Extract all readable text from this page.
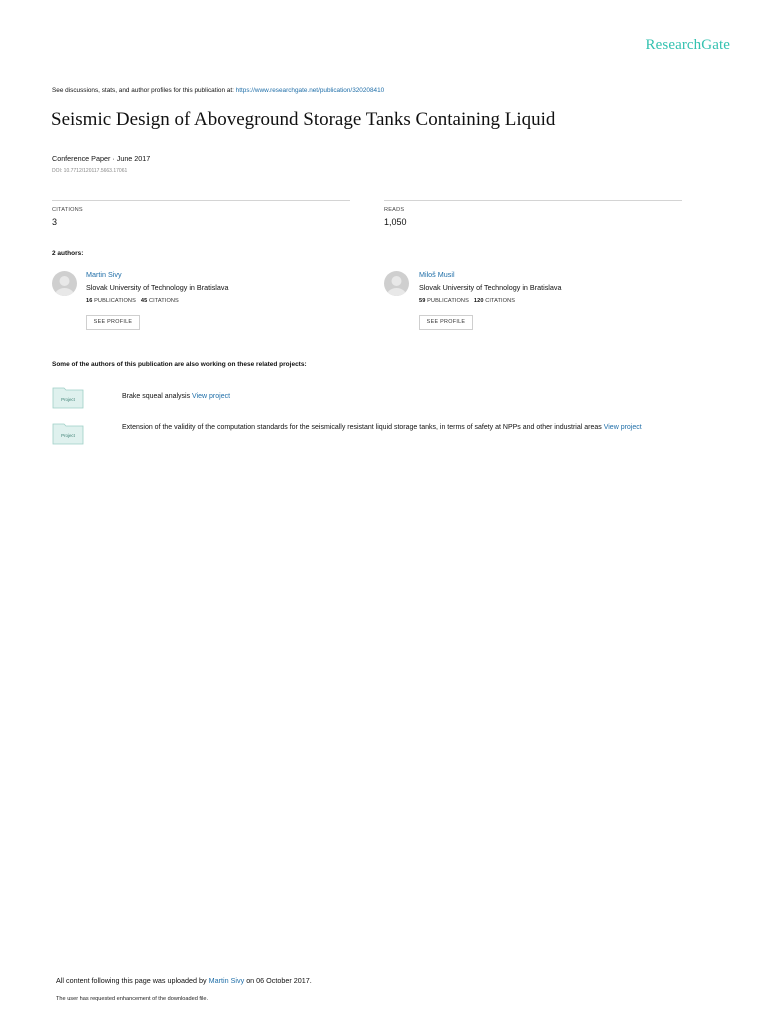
ResearchGate
See discussions, stats, and author profiles for this publication at: https://www.researchgate.net/publication/320208410
Seismic Design of Aboveground Storage Tanks Containing Liquid
Conference Paper · June 2017
DOI: 10.7712/120117.5663.17061
CITATIONS
3
READS
1,050
2 authors:
Martin Sivy
Slovak University of Technology in Bratislava
16 PUBLICATIONS 45 CITATIONS
SEE PROFILE
Miloš Musil
Slovak University of Technology in Bratislava
59 PUBLICATIONS 120 CITATIONS
SEE PROFILE
Some of the authors of this publication are also working on these related projects:
Project	Brake squeal analysis View project
Project
Extension of the validity of the computation standards for the seismically resistant liquid storage tanks, in terms of safety at NPPs and other industrial areas View project
All content following this page was uploaded by Martin Sivy on 06 October 2017.
The user has requested enhancement of the downloaded file.
